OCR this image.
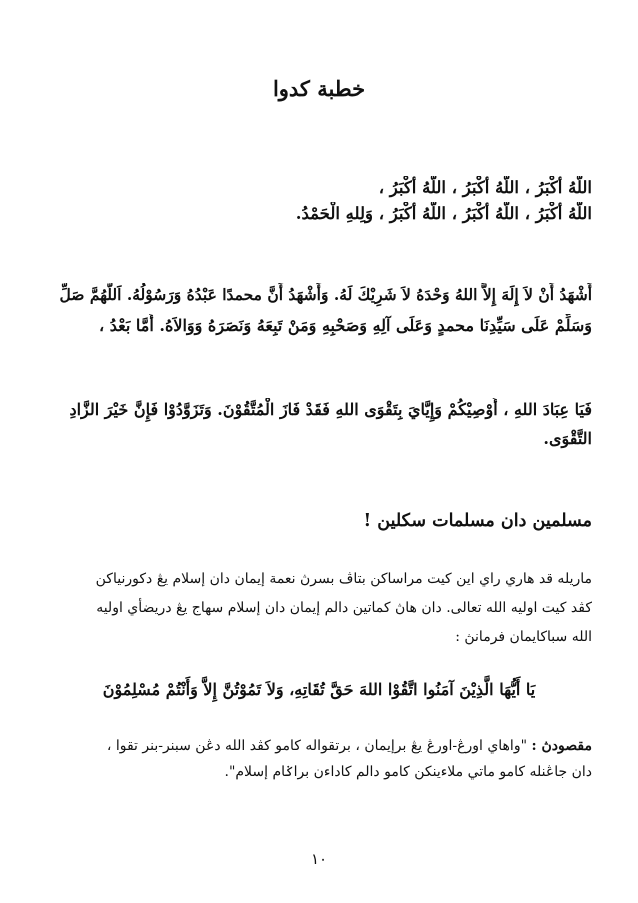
خطبة كدوا
اللَّهُ أَكْبَرُ ، اللَّهُ أَكْبَرُ ، اللَّهُ أَكْبَرُ ،
اللَّهُ أَكْبَرُ ، اللَّهُ أَكْبَرُ ، اللَّهُ أَكْبَرُ ، وَلِلهِ الْحَمْدُ.
أَشْهَدُ أَنْ لاَ إِلَهَ إِلاَّ اللهُ وَحْدَهُ لاَ شَرِيْكَ لَهُ. وَأَشْهَدُ أَنَّ محمدًا عَبْدُهُ وَرَسُوْلُهُ. اَللَّهُمَّ صَلِّ
وَسَلِّمْ عَلَى سَيِّدِنَا محمدٍ وَعَلَى آلِهِ وَصَحْبِهِ وَمَنْ تَبِعَهُ وَنَصَرَهُ وَوَالاَهُ. أَمَّا بَعْدُ ،
فَيَا عِبَادَ اللهِ ، أُوْصِيْكُمْ وَإِيَّايَ بِتَقْوَى اللهِ فَقَدْ فَازَ الْمُتَّقُوْنَ. وَتَزَوَّدُوْا فَإِنَّ خَيْرَ الزَّادِ
التَّقْوَى.
مسلمين دان مسلمات سكلين !
ماريله قد هاري راي اين كيت مراساكن بتاڤ بسرڽ نعمة إيمان دان إسلام يڠ دكورنياكن
كڤد كيت اوليه الله تعالى. دان هاڽ كماتين دالم إيمان دان إسلام سهاج يڠ دريضأي اوليه
الله سباكايمان فرمانڽ :
يَا أَيُّهَا الَّذِيْنَ آمَنُوا اتَّقُوْا اللهَ حَقَّ تُقَاتِهِ، وَلاَ تَمُوْتُنَّ إِلاَّ وَأَنْتُمْ مُسْلِمُوْنَ
مقصودڽ : "واهاي اورڠ-اورڠ يڠ برإيمان ، برتقواله كامو كڤد الله دڠن سبنر-بنر تقوا ،
دان جاڠنله كامو ماتي ملاءينكن كامو دالم كاداءن براݢام إسلام".
١٠
